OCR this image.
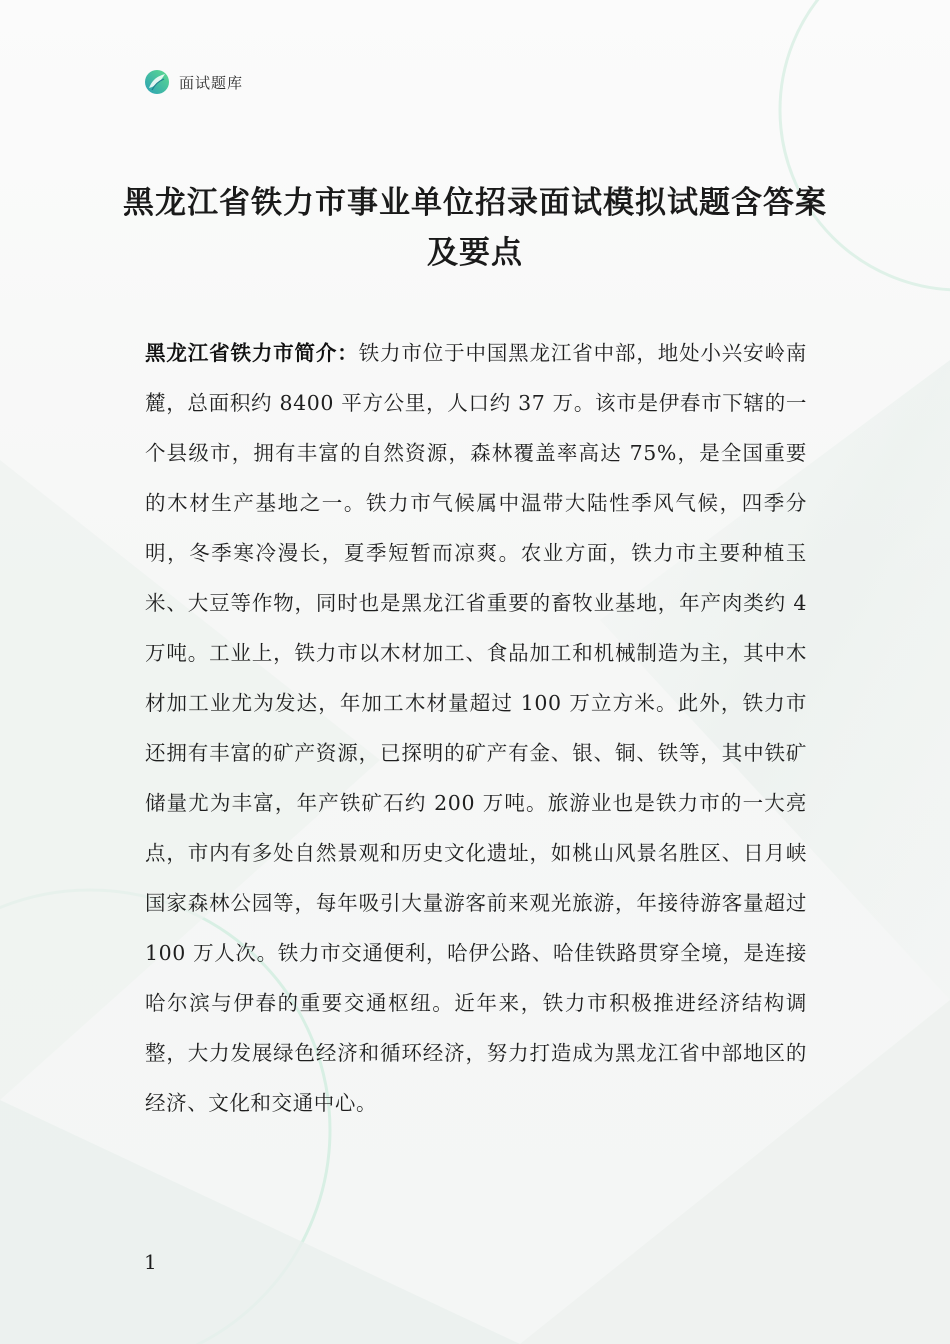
面试题库
黑龙江省铁力市事业单位招录面试模拟试题含答案及要点

黑龙江省铁力市简介：铁力市位于中国黑龙江省中部，地处小兴安岭南麓，总面积约 8400 平方公里，人口约 37 万。该市是伊春市下辖的一个县级市，拥有丰富的自然资源，森林覆盖率高达 75%，是全国重要的木材生产基地之一。铁力市气候属中温带大陆性季风气候，四季分明，冬季寒冷漫长，夏季短暂而凉爽。农业方面，铁力市主要种植玉米、大豆等作物，同时也是黑龙江省重要的畜牧业基地，年产肉类约 4 万吨。工业上，铁力市以木材加工、食品加工和机械制造为主，其中木材加工业尤为发达，年加工木材量超过 100 万立方米。此外，铁力市还拥有丰富的矿产资源，已探明的矿产有金、银、铜、铁等，其中铁矿储量尤为丰富，年产铁矿石约 200 万吨。旅游业也是铁力市的一大亮点，市内有多处自然景观和历史文化遗址，如桃山风景名胜区、日月峡国家森林公园等，每年吸引大量游客前来观光旅游，年接待游客量超过 100 万人次。铁力市交通便利，哈伊公路、哈佳铁路贯穿全境，是连接哈尔滨与伊春的重要交通枢纽。近年来，铁力市积极推进经济结构调整，大力发展绿色经济和循环经济，努力打造成为黑龙江省中部地区的经济、文化和交通中心。

1
